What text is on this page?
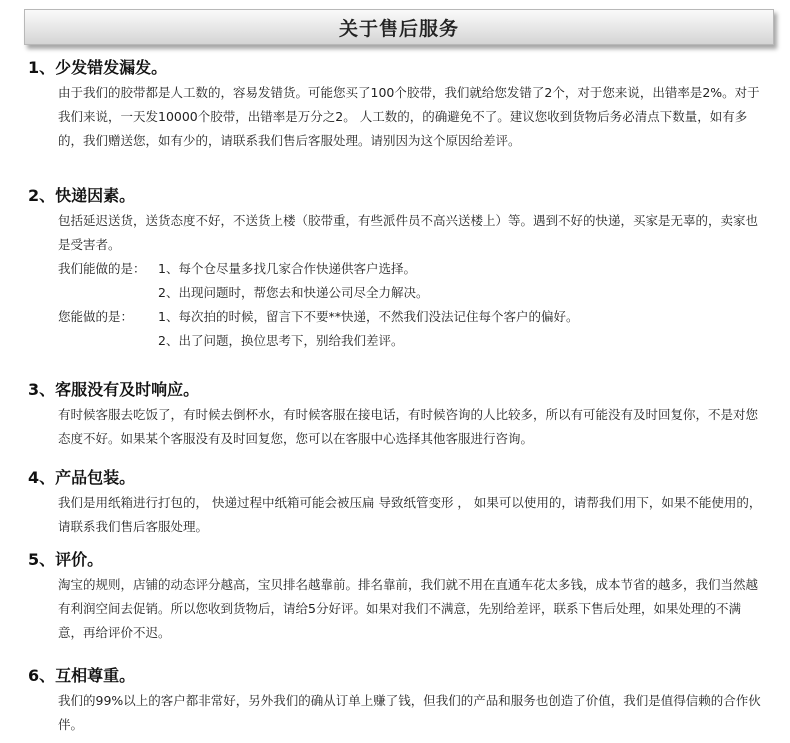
关于售后服务
1、少发错发漏发。
由于我们的胶带都是人工数的，容易发错货。可能您买了100个胶带，我们就给您发错了2个，对于您来说，出错率是2%。对于我们来说，一天发10000个胶带，出错率是万分之2。 人工数的，的确避免不了。建议您收到货物后务必清点下数量，如有多的，我们赠送您，如有少的，请联系我们售后客服处理。请别因为这个原因给差评。
2、快递因素。
包括延迟送货，送货态度不好，不送货上楼（胶带重，有些派件员不高兴送楼上）等。遇到不好的快递，买家是无辜的，卖家也是受害者。
我们能做的是： 1、每个仓尽量多找几家合作快递供客户选择。
2、出现问题时，帮您去和快递公司尽全力解决。
您能做的是：	1、每次拍的时候，留言下不要**快递，不然我们没法记住每个客户的偏好。
2、出了问题，换位思考下，别给我们差评。
3、客服没有及时响应。
有时候客服去吃饭了，有时候去倒杯水，有时候客服在接电话，有时候咨询的人比较多，所以有可能没有及时回复你，不是对您态度不好。如果某个客服没有及时回复您，您可以在客服中心选择其他客服进行咨询。
4、产品包装。
我们是用纸箱进行打包的， 快递过程中纸箱可能会被压扁 导致纸管变形 ， 如果可以使用的，请帮我们用下，如果不能使用的，请联系我们售后客服处理。
5、评价。
淘宝的规则，店铺的动态评分越高，宝贝排名越靠前。排名靠前，我们就不用在直通车花太多钱，成本节省的越多，我们当然越有利润空间去促销。所以您收到货物后，请给5分好评。如果对我们不满意，先别给差评，联系下售后处理，如果处理的不满意，再给评价不迟。
6、互相尊重。
我们的99%以上的客户都非常好，另外我们的确从订单上赚了钱，但我们的产品和服务也创造了价值，我们是值得信赖的合作伙伴。
